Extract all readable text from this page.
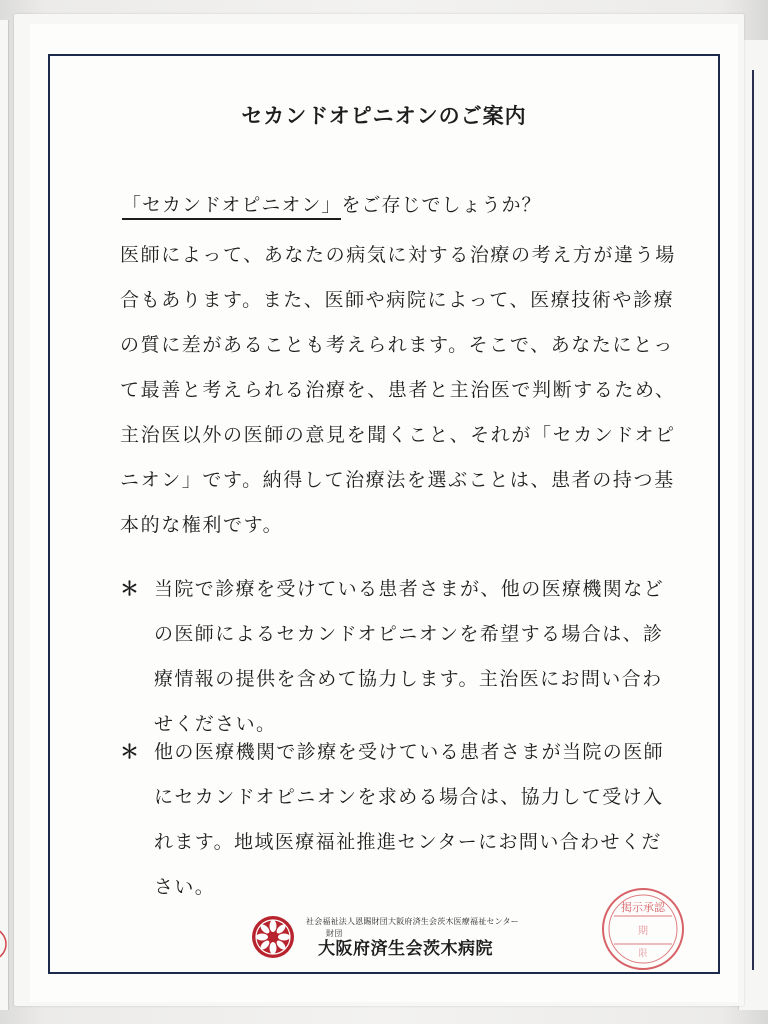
セカンドオピニオンのご案内
「セカンドオピニオン」をご存じでしょうか？
医師によって、あなたの病気に対する治療の考え方が違う場
合もあります。また、医師や病院によって、医療技術や診療
の質に差があることも考えられます。そこで、あなたにとっ
て最善と考えられる治療を、患者と主治医で判断するため、
主治医以外の医師の意見を聞くこと、それが「セカンドオピ
ニオン」です。納得して治療法を選ぶことは、患者の持つ基
本的な権利です。
＊ 当院で診療を受けている患者さまが、他の医療機関など
の医師によるセカンドオピニオンを希望する場合は、診
療情報の提供を含めて協力します。主治医にお問い合わ
せください。
＊ 他の医療機関で診療を受けている患者さまが当院の医師
にセカンドオピニオンを求める場合は、協力して受け入
れます。地域医療福祉推進センターにお問い合わせくだ
さい。
社会福祉法人恩賜財団大阪府済生会茨木医療福祉センター
財団
大阪府済生会茨木病院
掲示承認
期
限
